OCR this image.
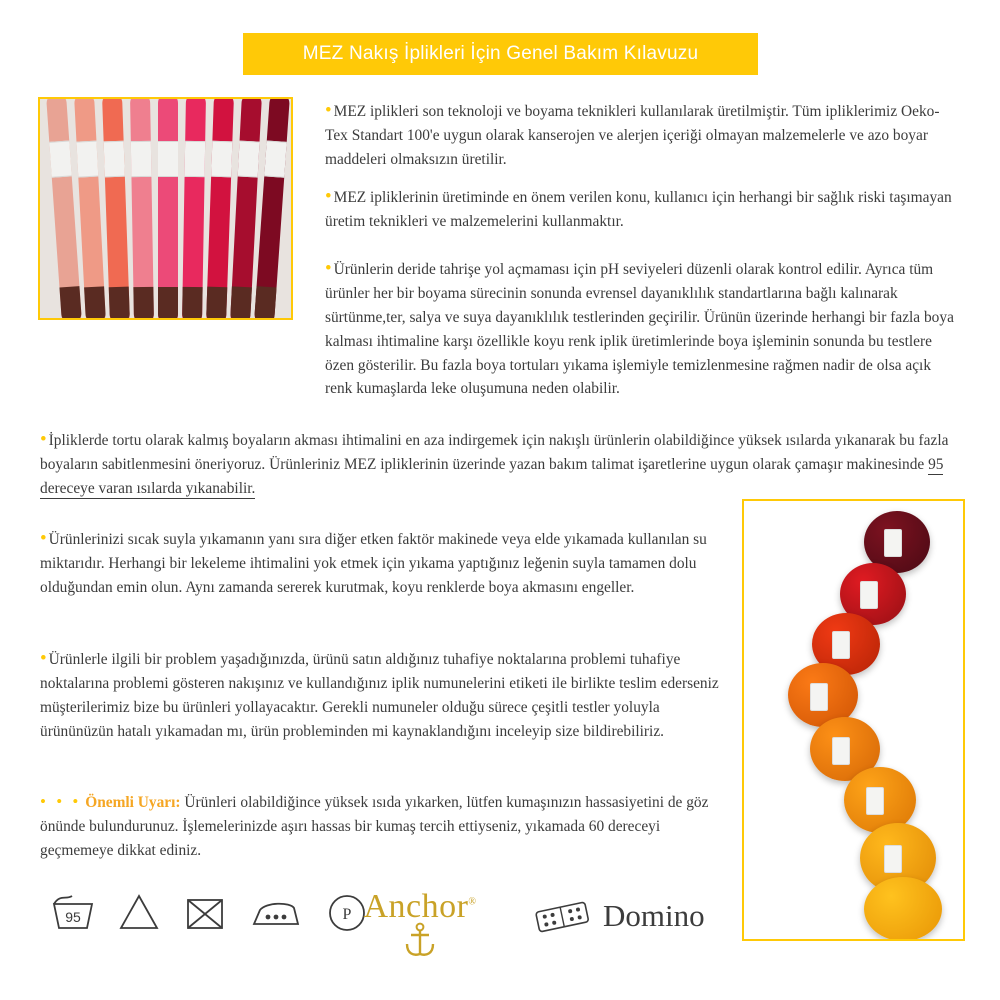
MEZ Nakış İplikleri İçin Genel Bakım Kılavuzu
• MEZ iplikleri son teknoloji ve boyama teknikleri kullanılarak üretilmiştir. Tüm ipliklerimiz Oeko-Tex Standart 100'e uygun olarak kanserojen ve alerjen içeriği olmayan malzemelerle ve azo boyar maddeleri olmaksızın üretilir.
• MEZ ipliklerinin üretiminde en önem verilen konu, kullanıcı için herhangi bir sağlık riski taşımayan üretim teknikleri ve malzemelerini kullanmaktır.
• Ürünlerin deride tahrişe yol açmaması için pH seviyeleri düzenli olarak kontrol edilir. Ayrıca tüm ürünler her bir boyama sürecinin sonunda evrensel dayanıklılık standartlarına bağlı kalınarak sürtünme,ter, salya ve suya dayanıklılık testlerinden geçirilir. Ürünün üzerinde herhangi bir fazla boya kalması ihtimaline karşı özellikle koyu renk iplik üretimlerinde boya işleminin sonunda bu testlere özen gösterilir. Bu fazla boya tortuları yıkama işlemiyle temizlenmesine rağmen nadir de olsa açık renk kumaşlarda leke oluşumuna neden olabilir.
• İpliklerde tortu olarak kalmış boyaların akması ihtimalini en aza indirgemek için nakışlı ürünlerin olabildiğince yüksek ısılarda yıkanarak bu fazla boyaların sabitlenmesini öneriyoruz. Ürünleriniz MEZ ipliklerinin üzerinde yazan bakım talimat işaretlerine uygun olarak çamaşır makinesinde 95 dereceye varan ısılarda yıkanabilir.
• Ürünlerinizi sıcak suyla yıkamanın yanı sıra diğer etken faktör makinede veya elde yıkamada kullanılan su miktarıdır. Herhangi bir lekeleme ihtimalini yok etmek için yıkama yaptığınız leğenin suyla tamamen dolu olduğundan emin olun. Aynı zamanda sererek kurutmak, koyu renklerde boya akmasını engeller.
• Ürünlerle ilgili bir problem yaşadığınızda, ürünü satın aldığınız tuhafiye noktalarına problemi tuhafiye noktalarına problemi gösteren nakışınız ve kullandığınız iplik numunelerini etiketi ile birlikte teslim ederseniz müşterilerimiz bize bu ürünleri yollayacaktır. Gerekli numuneler olduğu sürece çeşitli testler yoluyla ürününüzün hatalı yıkamadan mı, ürün probleminden mi kaynaklandığını inceleyip size bildirebiliriz.
• • • Önemli Uyarı: Ürünleri olabildiğince yüksek ısıda yıkarken, lütfen kumaşınızın hassasiyetini de göz önünde bulundurunuz. İşlemelerinizde aşırı hassas bir kumaş tercih ettiyseniz, yıkamada 60 dereceyi geçmemeye dikkat ediniz.
95	P Anchor®	Domino
